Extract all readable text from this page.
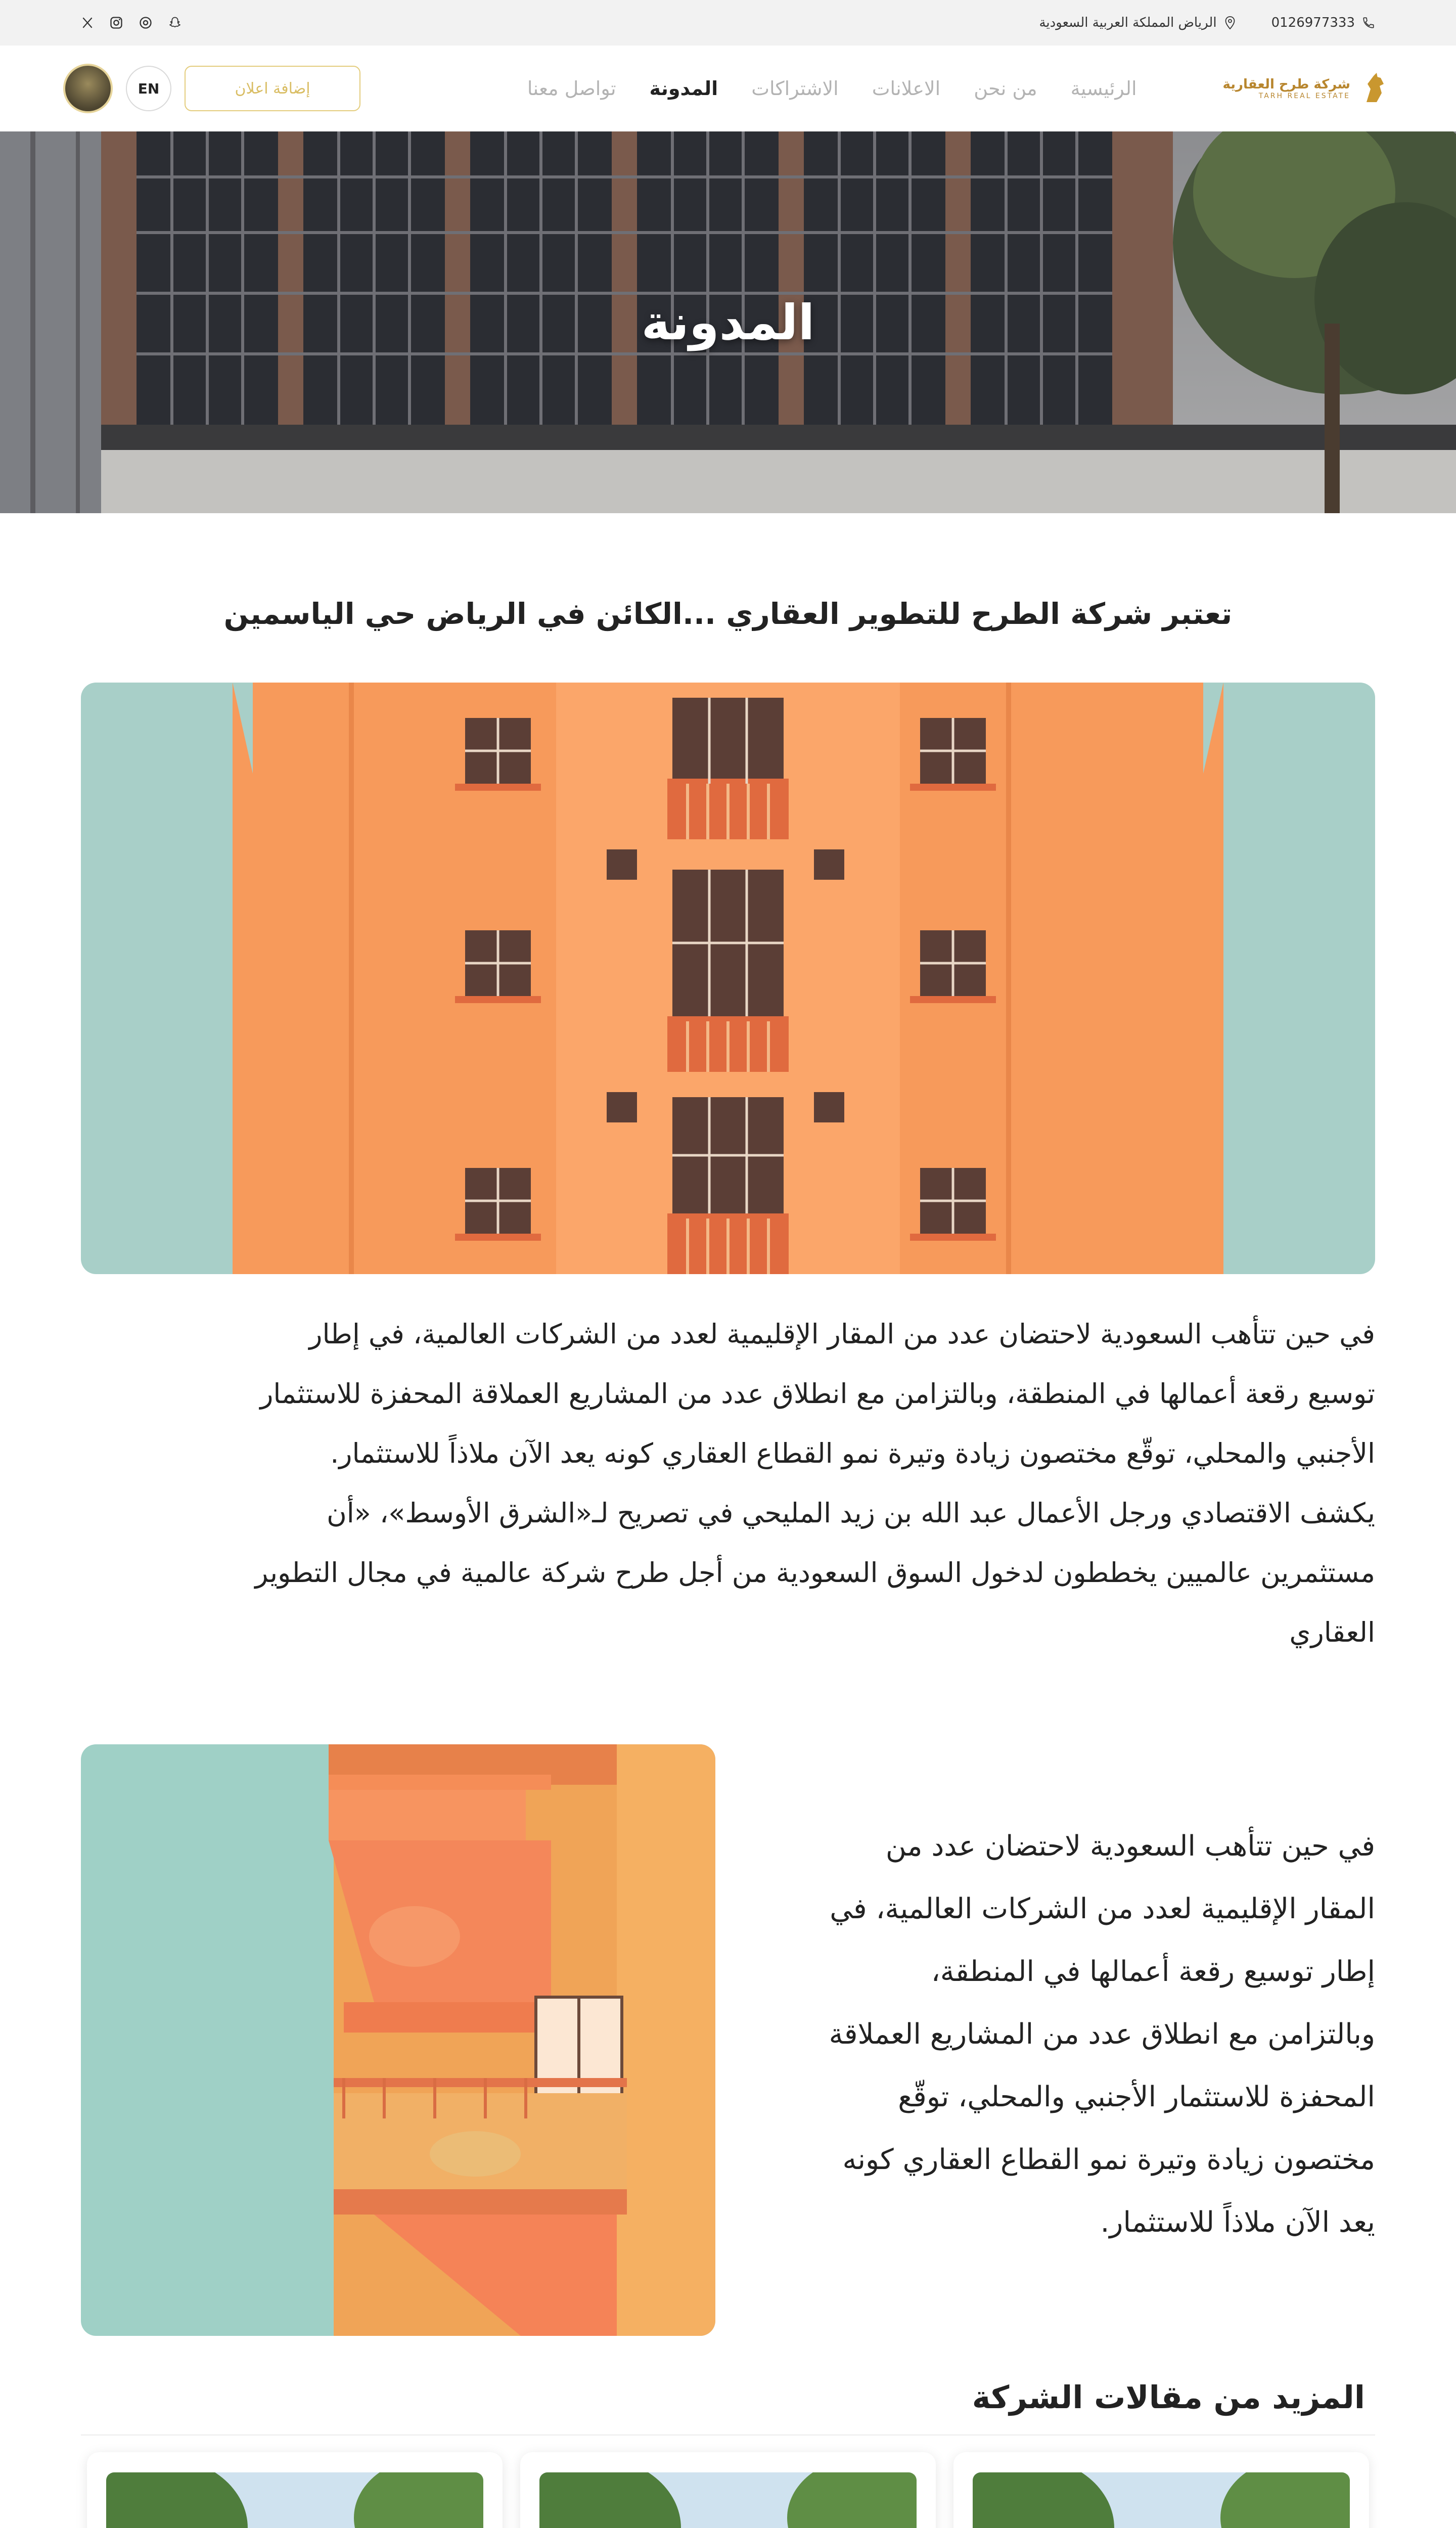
0126977333
الرياض المملكة العربية السعودية
شركة طرح العقارية
TARH REAL ESTATE
الرئيسية
من نحن
الاعلانات
الاشتراكات
المدونة
تواصل معنا
EN	إضافة اعلان
المدونة
تعتبر شركة الطرح للتطوير العقاري ...الكائن في الرياض حي الياسمين
في حين تتأهب السعودية لاحتضان عدد من المقار الإقليمية لعدد من الشركات العالمية، في إطار
توسيع رقعة أعمالها في المنطقة، وبالتزامن مع انطلاق عدد من المشاريع العملاقة المحفزة للاستثمار
الأجنبي والمحلي، توقّع مختصون زيادة وتيرة نمو القطاع العقاري كونه يعد الآن ملاذاً للاستثمار.
يكشف الاقتصادي ورجل الأعمال عبد الله بن زيد المليحي في تصريح لـ«الشرق الأوسط»، «أن
مستثمرين عالميين يخططون لدخول السوق السعودية من أجل طرح شركة عالمية في مجال التطوير
العقاري
في حين تتأهب السعودية لاحتضان عدد من
المقار الإقليمية لعدد من الشركات العالمية، في
إطار توسيع رقعة أعمالها في المنطقة،
وبالتزامن مع انطلاق عدد من المشاريع العملاقة
المحفزة للاستثمار الأجنبي والمحلي، توقّع
مختصون زيادة وتيرة نمو القطاع العقاري كونه
يعد الآن ملاذاً للاستثمار.
المزيد من مقالات الشركة
